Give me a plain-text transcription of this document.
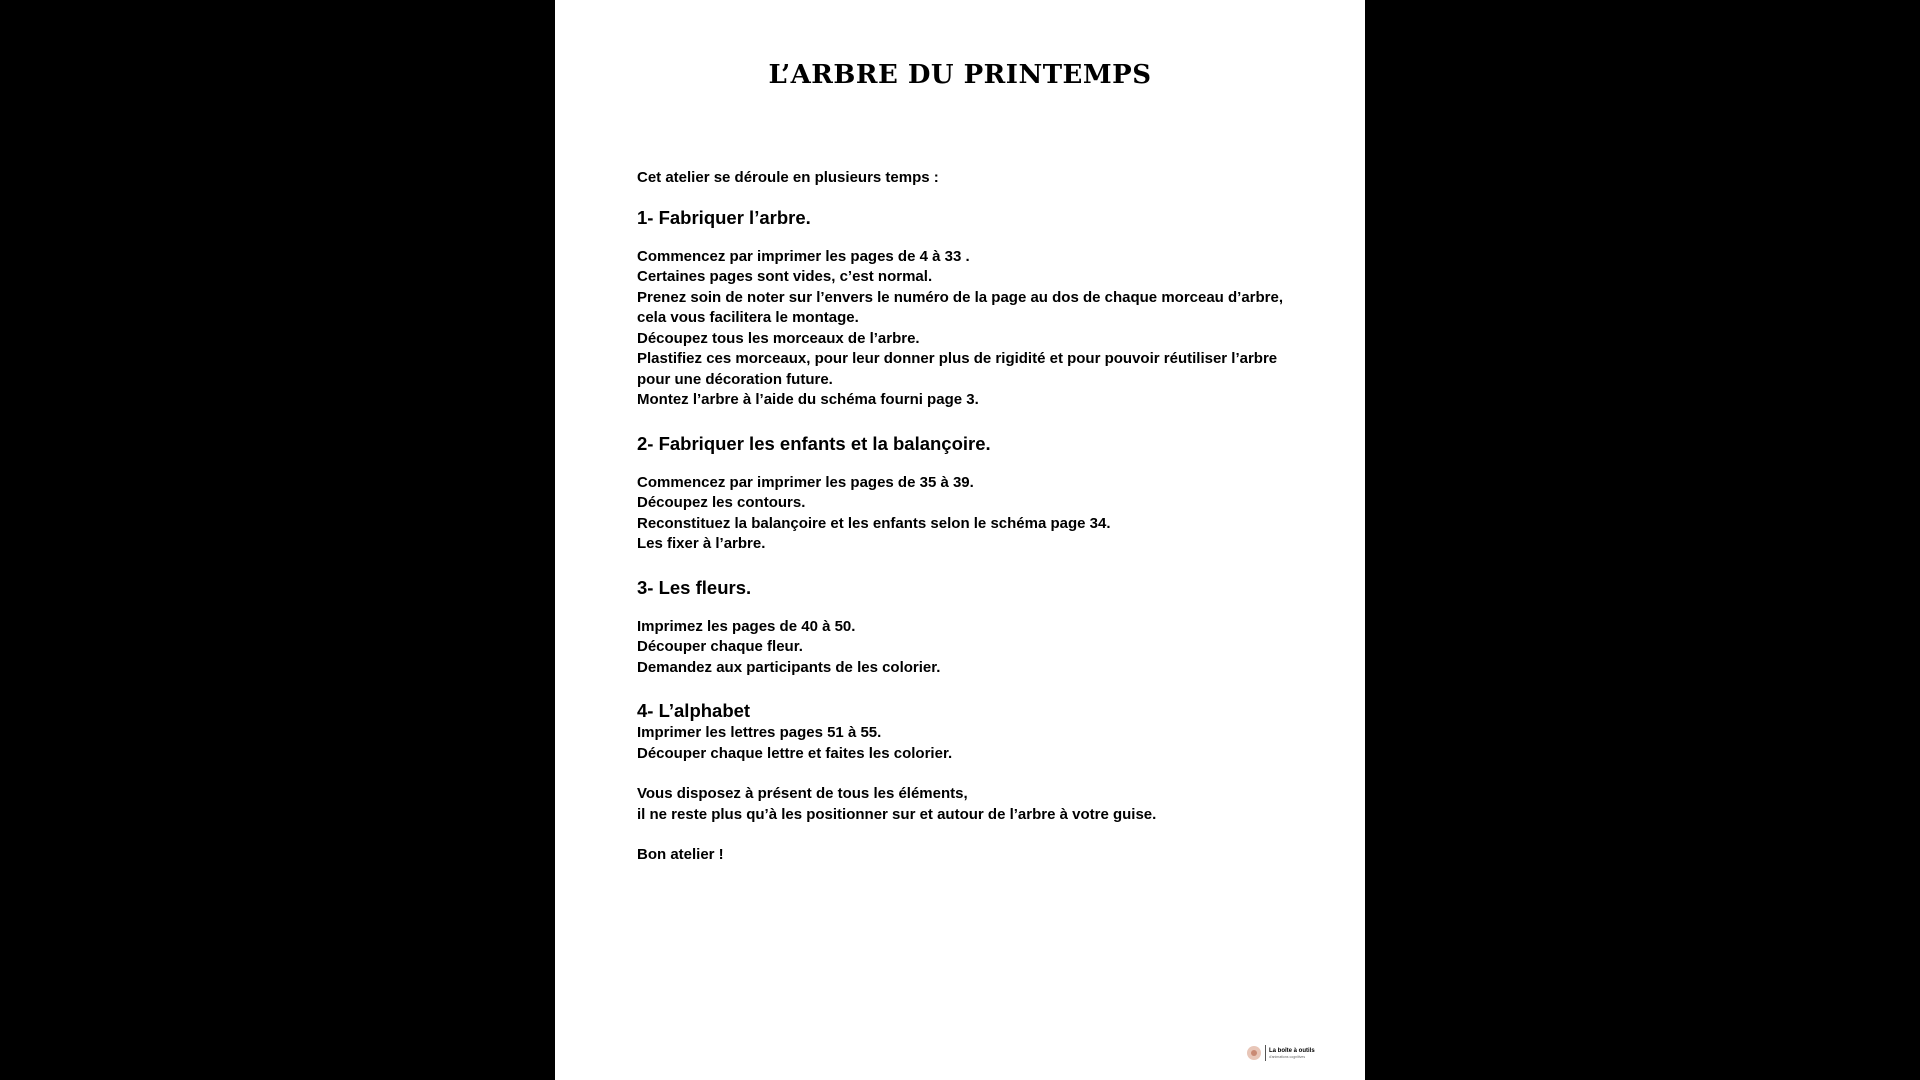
L’ARBRE DU PRINTEMPS

Cet atelier se déroule en plusieurs temps :

1- Fabriquer l’arbre.

Commencez par imprimer les pages de 4 à 33 .

Certaines pages sont vides, c’est normal.

Prenez soin de noter sur l’envers le numéro de la page au dos de chaque morceau d’arbre,

cela vous facilitera le montage.

Découpez tous les morceaux de l’arbre.

Plastifiez ces morceaux, pour leur donner plus de rigidité et pour pouvoir réutiliser l’arbre

pour une décoration future.

Montez l’arbre à l’aide du schéma fourni page 3.

2- Fabriquer les enfants et la balançoire.

Commencez par imprimer les pages de 35 à 39.

Découpez les contours.

Reconstituez la balançoire et les enfants selon le schéma page 34.

Les fixer à l’arbre.

3- Les fleurs.

Imprimez les pages de 40 à 50.

Découper chaque fleur.

Demandez aux participants de les colorier.

4- L’alphabet

Imprimer les lettres pages 51 à 55.

Découper chaque lettre et faites les colorier.

Vous disposez à présent de tous les éléments,

il ne reste plus qu’à les positionner sur et autour de l’arbre à votre guise.

Bon atelier !

La boîte à outils
d'animations cognitives
